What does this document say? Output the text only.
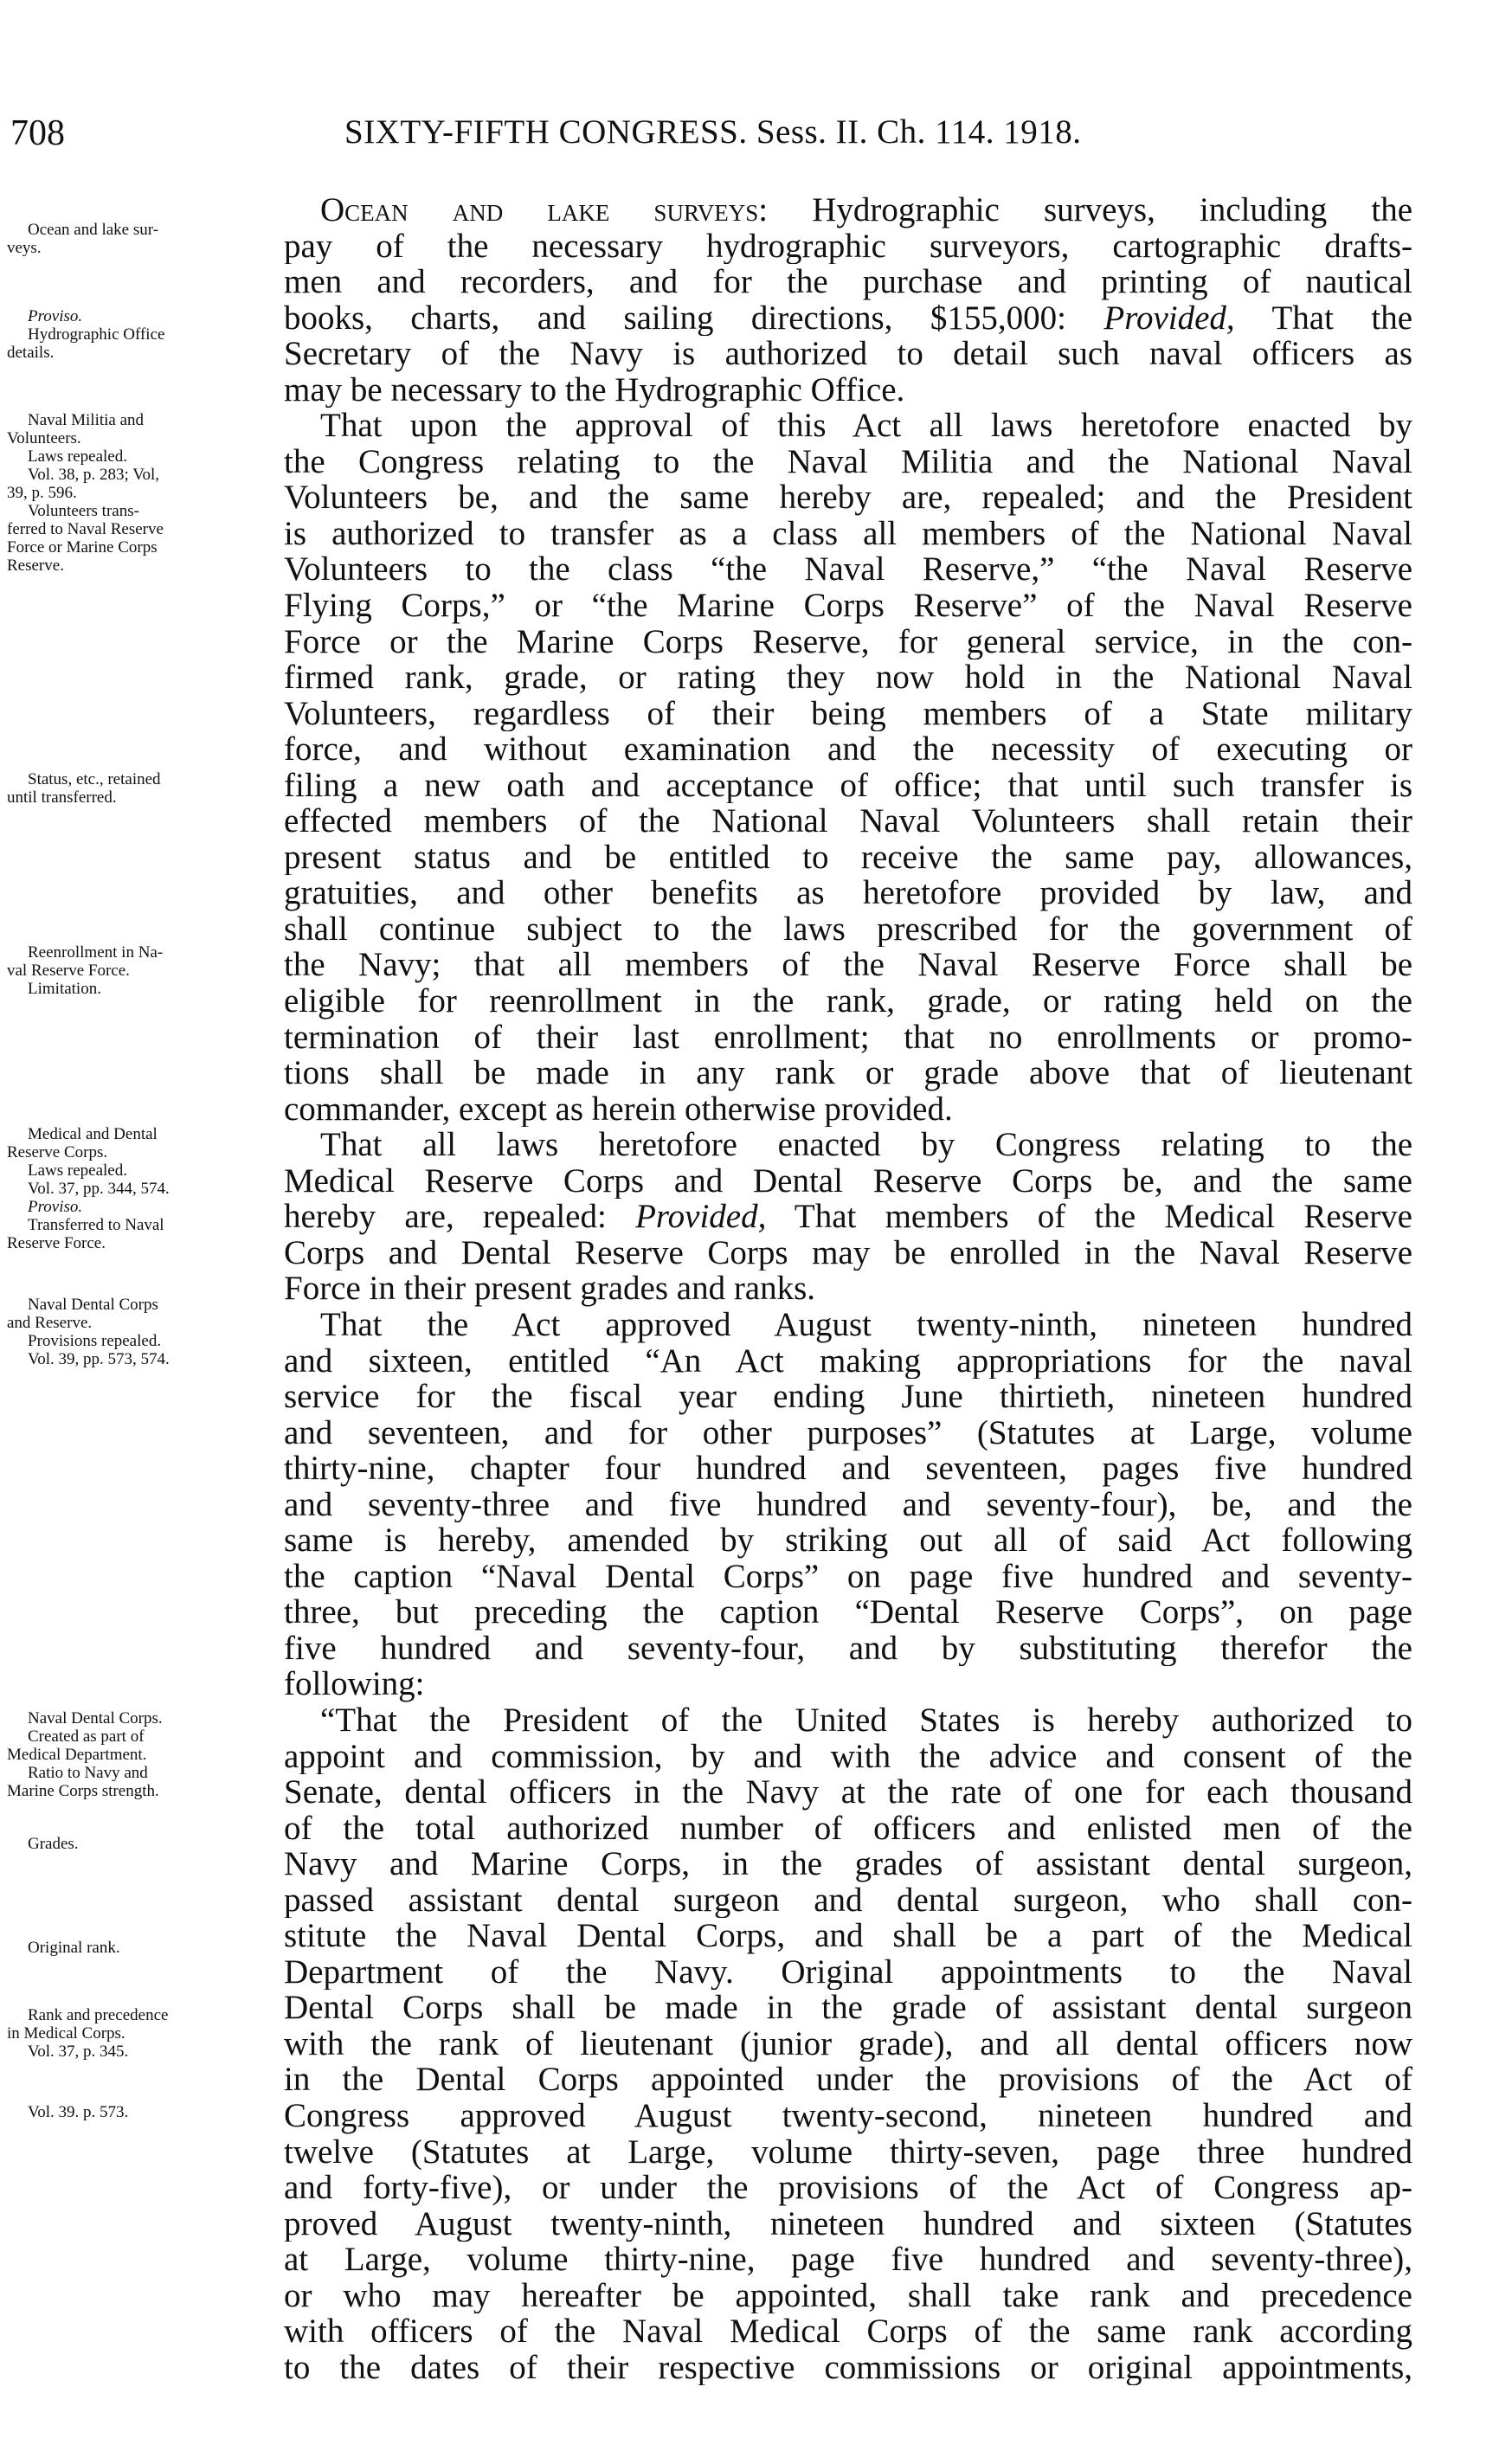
708	SIXTY-FIFTH CONGRESS. Sess. II. Ch. 114. 1918.
Ocean and lake sur-
veys.
Proviso.
Hydrographic Office
details.
Naval Militia and
Volunteers.
Laws repealed.
Vol. 38, p. 283; Vol,
39, p. 596.
Volunteers trans-
ferred to Naval Reserve
Force or Marine Corps
Reserve.
Status, etc., retained
until transferred.
Reenrollment in Na-
val Reserve Force.
Limitation.
Medical and Dental
Reserve Corps.
Laws repealed.
Vol. 37, pp. 344, 574.
Proviso.
Transferred to Naval
Reserve Force.
Naval Dental Corps
and Reserve.
Provisions repealed.
Vol. 39, pp. 573, 574.
Naval Dental Corps.
Created as part of
Medical Department.
Ratio to Navy and
Marine Corps strength.
Grades.
Original rank.
Rank and precedence
in Medical Corps.
Vol. 37, p. 345.
Vol. 39. p. 573.
Ocean and lake surveys: Hydrographic surveys, including the
pay of the necessary hydrographic surveyors, cartographic drafts-
men and recorders, and for the purchase and printing of nautical
books, charts, and sailing directions, $155,000: Provided, That the
Secretary of the Navy is authorized to detail such naval officers as
may be necessary to the Hydrographic Office.
That upon the approval of this Act all laws heretofore enacted by
the Congress relating to the Naval Militia and the National Naval
Volunteers be, and the same hereby are, repealed; and the President
is authorized to transfer as a class all members of the National Naval
Volunteers to the class “the Naval Reserve,” “the Naval Reserve
Flying Corps,” or “the Marine Corps Reserve” of the Naval Reserve
Force or the Marine Corps Reserve, for general service, in the con-
firmed rank, grade, or rating they now hold in the National Naval
Volunteers, regardless of their being members of a State military
force, and without examination and the necessity of executing or
filing a new oath and acceptance of office; that until such transfer is
effected members of the National Naval Volunteers shall retain their
present status and be entitled to receive the same pay, allowances,
gratuities, and other benefits as heretofore provided by law, and
shall continue subject to the laws prescribed for the government of
the Navy; that all members of the Naval Reserve Force shall be
eligible for reenrollment in the rank, grade, or rating held on the
termination of their last enrollment; that no enrollments or promo-
tions shall be made in any rank or grade above that of lieutenant
commander, except as herein otherwise provided.
That all laws heretofore enacted by Congress relating to the
Medical Reserve Corps and Dental Reserve Corps be, and the same
hereby are, repealed: Provided, That members of the Medical Reserve
Corps and Dental Reserve Corps may be enrolled in the Naval Reserve
Force in their present grades and ranks.
That the Act approved August twenty-ninth, nineteen hundred
and sixteen, entitled “An Act making appropriations for the naval
service for the fiscal year ending June thirtieth, nineteen hundred
and seventeen, and for other purposes” (Statutes at Large, volume
thirty-nine, chapter four hundred and seventeen, pages five hundred
and seventy-three and five hundred and seventy-four), be, and the
same is hereby, amended by striking out all of said Act following
the caption “Naval Dental Corps” on page five hundred and seventy-
three, but preceding the caption “Dental Reserve Corps”, on page
five hundred and seventy-four, and by substituting therefor the
following:
“That the President of the United States is hereby authorized to
appoint and commission, by and with the advice and consent of the
Senate, dental officers in the Navy at the rate of one for each thousand
of the total authorized number of officers and enlisted men of the
Navy and Marine Corps, in the grades of assistant dental surgeon,
passed assistant dental surgeon and dental surgeon, who shall con-
stitute the Naval Dental Corps, and shall be a part of the Medical
Department of the Navy. Original appointments to the Naval
Dental Corps shall be made in the grade of assistant dental surgeon
with the rank of lieutenant (junior grade), and all dental officers now
in the Dental Corps appointed under the provisions of the Act of
Congress approved August twenty-second, nineteen hundred and
twelve (Statutes at Large, volume thirty-seven, page three hundred
and forty-five), or under the provisions of the Act of Congress ap-
proved August twenty-ninth, nineteen hundred and sixteen (Statutes
at Large, volume thirty-nine, page five hundred and seventy-three),
or who may hereafter be appointed, shall take rank and precedence
with officers of the Naval Medical Corps of the same rank according
to the dates of their respective commissions or original appointments,
